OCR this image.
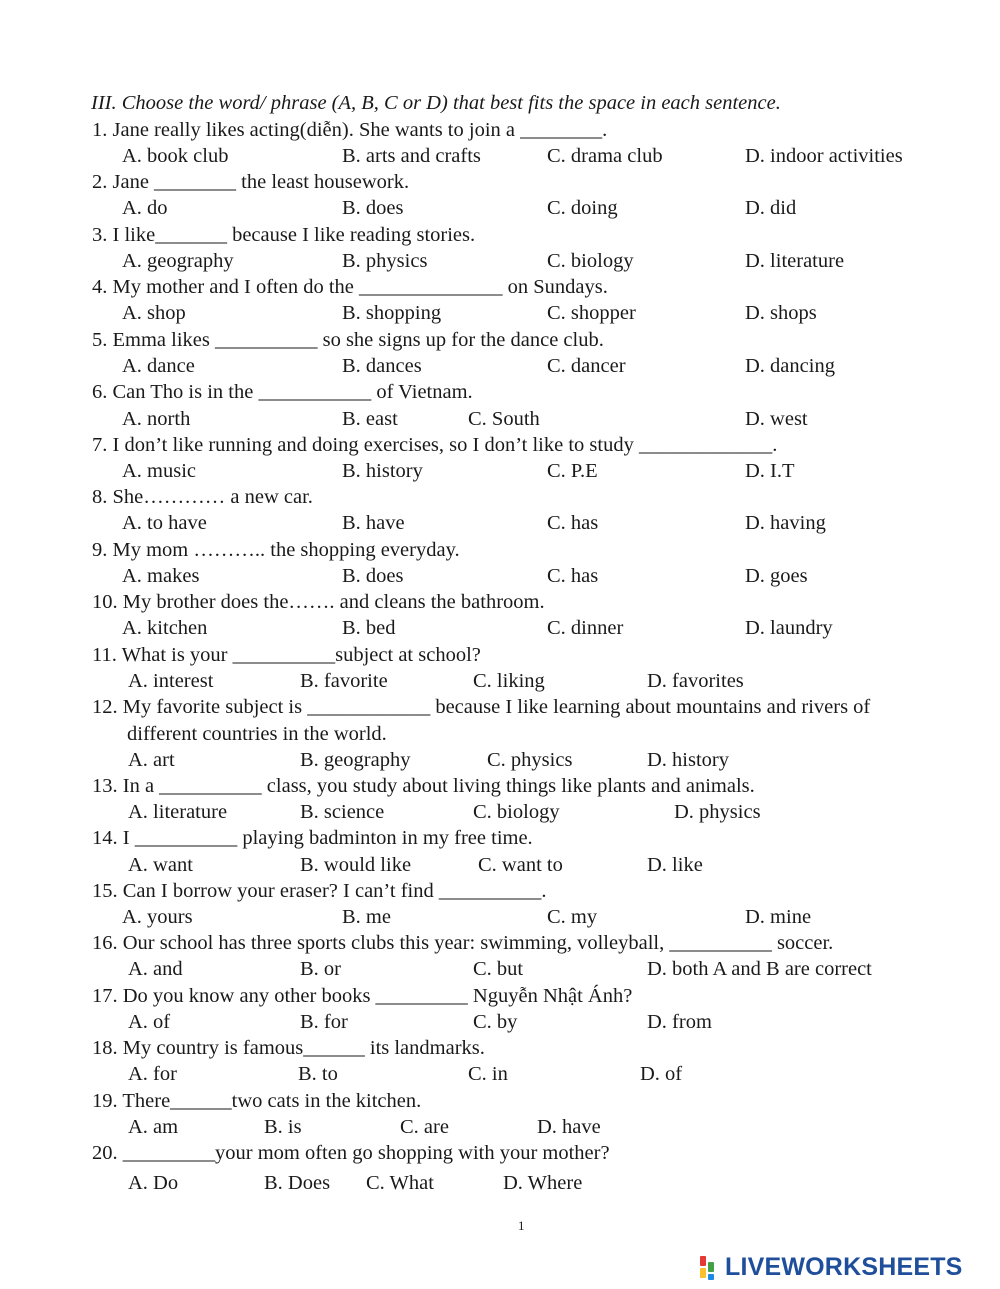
III. Choose the word/ phrase (A, B, C or D) that best fits the space in each sentence.
1. Jane really likes acting(diễn). She wants to join a ________.
A. book club	B. arts and crafts	C. drama club	D. indoor activities
2. Jane ________ the least housework.
A. do	B. does	C. doing	D. did
3. I like_______ because I like reading stories.
A. geography	B. physics	C. biology	D. literature
4. My mother and I often do the ______________ on Sundays.
A. shop	B. shopping	C. shopper	D. shops
5. Emma likes __________ so she signs up for the dance club.
A. dance	B. dances	C. dancer	D. dancing
6. Can Tho is in the ___________ of Vietnam.
A. north	B. east	C. South	D. west
7. I don’t like running and doing exercises, so I don’t like to study _____________.
A. music	B. history	C. P.E	D. I.T
8. She………… a new car.
A. to have	B. have	C. has	D. having
9. My mom ……….. the shopping everyday.
A. makes	B. does	C. has	D. goes
10. My brother does the……. and cleans the bathroom.
A. kitchen	B. bed	C. dinner	D. laundry
11. What is your __________subject at school?
A. interest	B. favorite	C. liking	D. favorites
12. My favorite subject is ____________ because I like learning about mountains and rivers of
different countries in the world.
A. art	B. geography	C. physics	D. history
13. In a __________ class, you study about living things like plants and animals.
A. literature	B. science	C. biology	D. physics
14. I __________ playing badminton in my free time.
A. want	B. would like	C. want to	D. like
15. Can I borrow your eraser? I can’t find __________.
A. yours	B. me	C. my	D. mine
16. Our school has three sports clubs this year: swimming, volleyball, __________ soccer.
A. and	B. or	C. but	D. both A and B are correct
17. Do you know any other books _________ Nguyễn Nhật Ánh?
A. of	B. for	C. by	D. from
18. My country is famous______ its landmarks.
A. for	B. to	C. in	D. of
19. There______two cats in the kitchen.
A. am	B. is	C. are	D. have
20. _________your mom often go shopping with your mother?
A. Do	B. Does C. What	D. Where
1
LIVEWORKSHEETS
